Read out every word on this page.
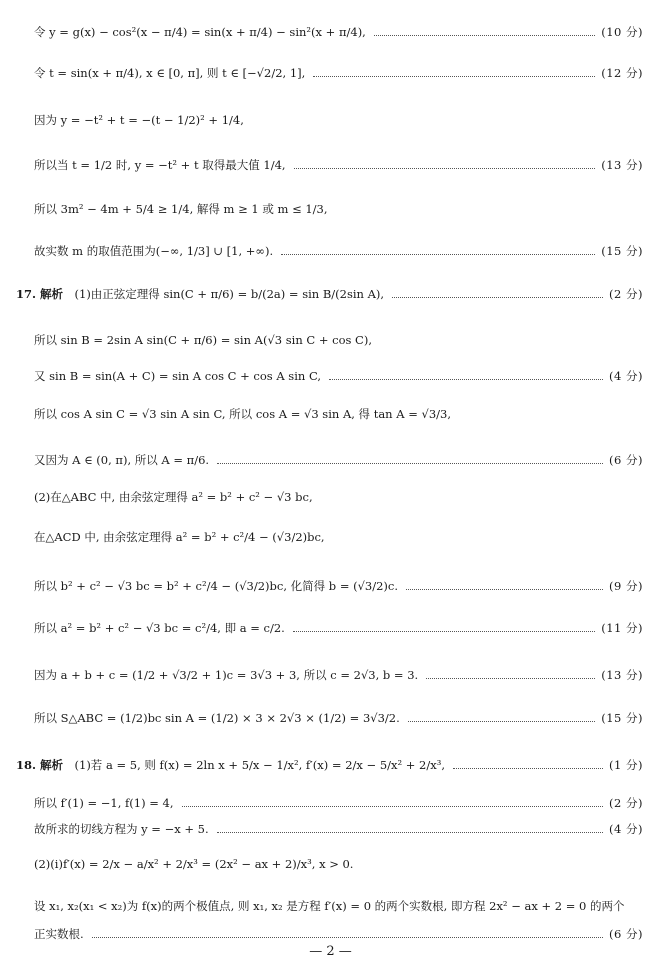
令 y = g(x) − cos²(x − π/4) = sin(x + π/4) − sin²(x + π/4),	(10 分)
令 t = sin(x + π/4), x ∈ [0, π], 则 t ∈ [−√2/2, 1],	(12 分)
因为 y = −t² + t = −(t − 1/2)² + 1/4,
所以当 t = 1/2 时, y = −t² + t 取得最大值 1/4,	(13 分)
所以 3m² − 4m + 5/4 ≥ 1/4, 解得 m ≥ 1 或 m ≤ 1/3,
故实数 m 的取值范围为(−∞, 1/3] ∪ [1, +∞).	(15 分)
17. 解析  (1)由正弦定理得 sin(C + π/6) = b/(2a) = sin B/(2sin A),	(2 分)
所以 sin B = 2sin A sin(C + π/6) = sin A(√3 sin C + cos C),
又 sin B = sin(A + C) = sin A cos C + cos A sin C,	(4 分)
所以 cos A sin C = √3 sin A sin C, 所以 cos A = √3 sin A, 得 tan A = √3/3,
又因为 A ∈ (0, π), 所以 A = π/6.	(6 分)
(2)在△ABC 中, 由余弦定理得 a² = b² + c² − √3 bc,
在△ACD 中, 由余弦定理得 a² = b² + c²/4 − (√3/2)bc,
所以 b² + c² − √3 bc = b² + c²/4 − (√3/2)bc, 化简得 b = (√3/2)c.	(9 分)
所以 a² = b² + c² − √3 bc = c²/4, 即 a = c/2.	(11 分)
因为 a + b + c = (1/2 + √3/2 + 1)c = 3√3 + 3, 所以 c = 2√3, b = 3.	(13 分)
所以 S△ABC = (1/2)bc sin A = (1/2) × 3 × 2√3 × (1/2) = 3√3/2.	(15 分)
18. 解析  (1)若 a = 5, 则 f(x) = 2ln x + 5/x − 1/x², f′(x) = 2/x − 5/x² + 2/x³,	(1 分)
所以 f′(1) = −1, f(1) = 4,	(2 分)
故所求的切线方程为 y = −x + 5.	(4 分)
(2)(ⅰ)f′(x) = 2/x − a/x² + 2/x³ = (2x² − ax + 2)/x³, x > 0.
设 x₁, x₂(x₁ < x₂)为 f(x)的两个极值点, 则 x₁, x₂ 是方程 f′(x) = 0 的两个实数根, 即方程 2x² − ax + 2 = 0 的两个
正实数根.	(6 分)
— 2 —
